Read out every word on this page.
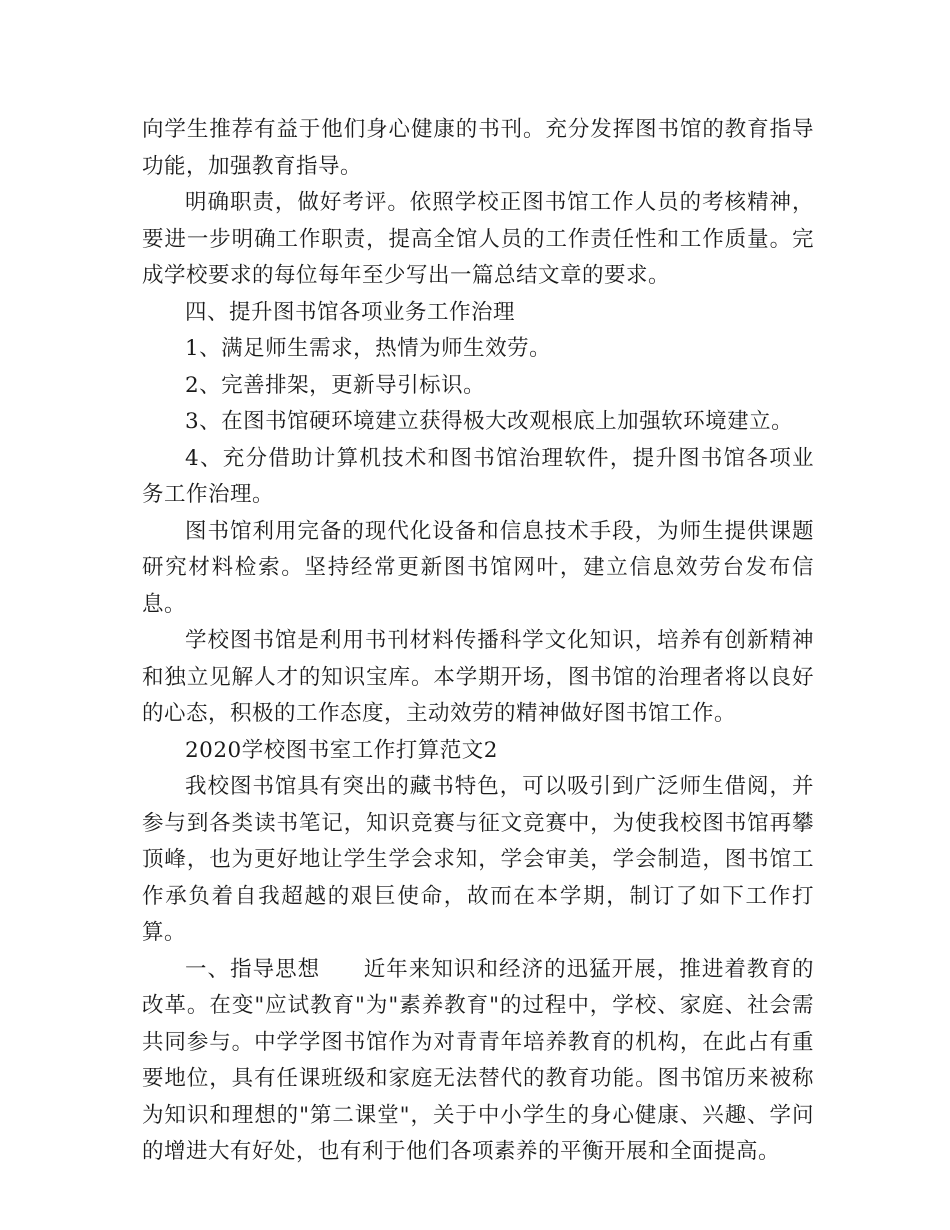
向学生推荐有益于他们身心健康的书刊。充分发挥图书馆的教育指导功能，加强教育指导。

明确职责，做好考评。依照学校正图书馆工作人员的考核精神，要进一步明确工作职责，提高全馆人员的工作责任性和工作质量。完成学校要求的每位每年至少写出一篇总结文章的要求。

四、提升图书馆各项业务工作治理

1、满足师生需求，热情为师生效劳。

2、完善排架，更新导引标识。

3、在图书馆硬环境建立获得极大改观根底上加强软环境建立。

4、充分借助计算机技术和图书馆治理软件，提升图书馆各项业务工作治理。

图书馆利用完备的现代化设备和信息技术手段，为师生提供课题研究材料检索。坚持经常更新图书馆网叶，建立信息效劳台发布信息。

学校图书馆是利用书刊材料传播科学文化知识，培养有创新精神和独立见解人才的知识宝库。本学期开场，图书馆的治理者将以良好的心态，积极的工作态度，主动效劳的精神做好图书馆工作。

2020学校图书室工作打算范文2

我校图书馆具有突出的藏书特色，可以吸引到广泛师生借阅，并参与到各类读书笔记，知识竞赛与征文竞赛中，为使我校图书馆再攀顶峰，也为更好地让学生学会求知，学会审美，学会制造，图书馆工作承负着自我超越的艰巨使命，故而在本学期，制订了如下工作打算。

一、指导思想 近年来知识和经济的迅猛开展，推进着教育的改革。在变"应试教育"为"素养教育"的过程中，学校、家庭、社会需共同参与。中学学图书馆作为对青青年培养教育的机构，在此占有重要地位，具有任课班级和家庭无法替代的教育功能。图书馆历来被称为知识和理想的"第二课堂"，关于中小学生的身心健康、兴趣、学问的增进大有好处，也有利于他们各项素养的平衡开展和全面提高。
